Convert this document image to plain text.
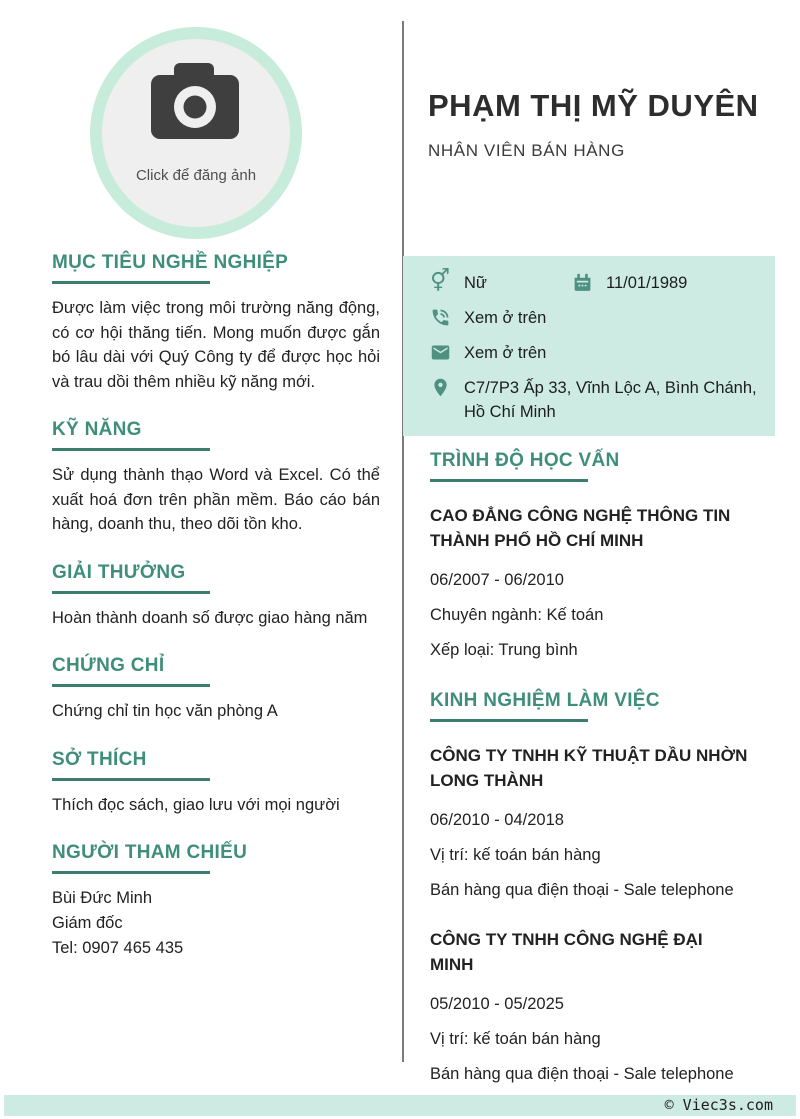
Click để đăng ảnh
PHẠM THỊ MỸ DUYÊN
NHÂN VIÊN BÁN HÀNG
⚥ Nữ	11/01/1989
Xem ở trên
Xem ở trên
C7/7P3 Ấp 33, Vĩnh Lộc A, Bình Chánh, Hồ Chí Minh
MỤC TIÊU NGHỀ NGHIỆP
Được làm việc trong môi trường năng động, có cơ hội thăng tiến. Mong muốn được gắn bó lâu dài với Quý Công ty để được học hỏi và trau dồi thêm nhiều kỹ năng mới.
KỸ NĂNG
Sử dụng thành thạo Word và Excel. Có thể xuất hoá đơn trên phần mềm. Báo cáo bán hàng, doanh thu, theo dõi tồn kho.
GIẢI THƯỞNG
Hoàn thành doanh số được giao hàng năm
CHỨNG CHỈ
Chứng chỉ tin học văn phòng A
SỞ THÍCH
Thích đọc sách, giao lưu với mọi người
NGƯỜI THAM CHIẾU
Bùi Đức Minh
Giám đốc
Tel: 0907 465 435
TRÌNH ĐỘ HỌC VẤN
CAO ĐẲNG CÔNG NGHỆ THÔNG TIN THÀNH PHỐ HỒ CHÍ MINH
06/2007 - 06/2010
Chuyên ngành: Kế toán
Xếp loại: Trung bình
KINH NGHIỆM LÀM VIỆC
CÔNG TY TNHH KỸ THUẬT DẦU NHỜN LONG THÀNH
06/2010 - 04/2018
Vị trí: kế toán bán hàng
Bán hàng qua điện thoại - Sale telephone
CÔNG TY TNHH CÔNG NGHỆ ĐẠI MINH
05/2010 - 05/2025
Vị trí: kế toán bán hàng
Bán hàng qua điện thoại - Sale telephone
© Viec3s.com
